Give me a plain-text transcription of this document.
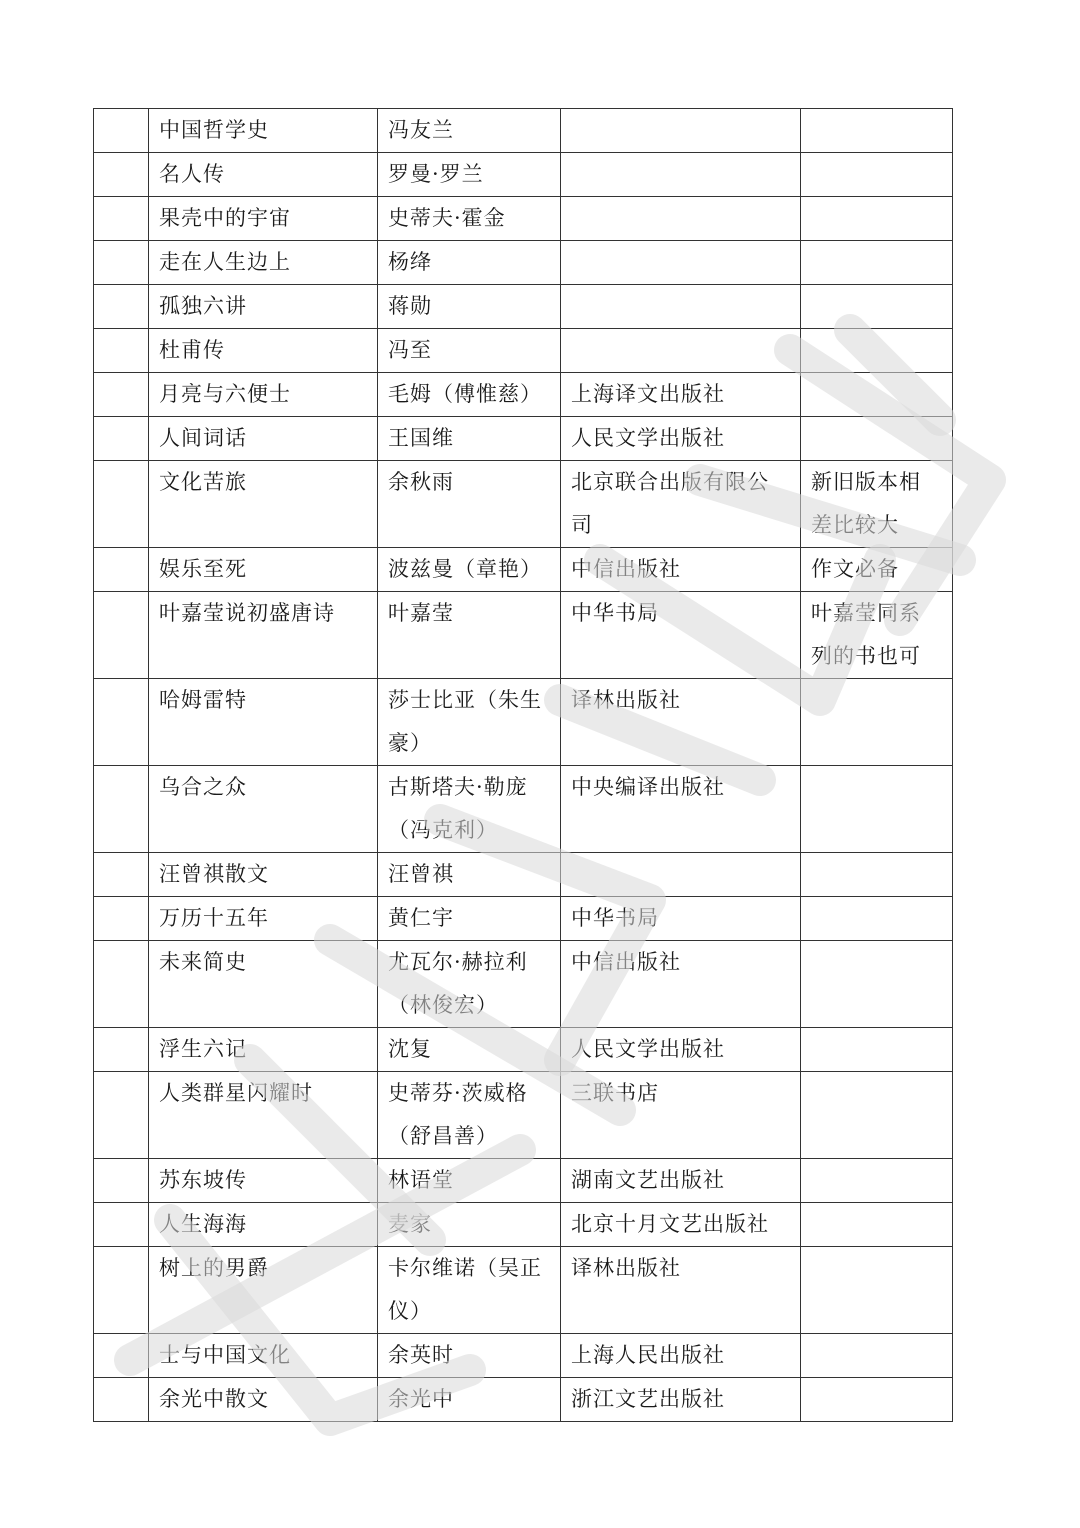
	中国哲学史	冯友兰		

	名人传	罗曼·罗兰		

	果壳中的宇宙	史蒂夫·霍金		

	走在人生边上	杨绛		

	孤独六讲	蒋勋		

	杜甫传	冯至		

	月亮与六便士	毛姆（傅惟慈）	上海译文出版社	

	人间词话	王国维	人民文学出版社	

	文化苦旅	余秋雨	北京联合出版有限公司	新旧版本相差比较大

	娱乐至死	波兹曼（章艳）	中信出版社	作文必备

	叶嘉莹说初盛唐诗	叶嘉莹	中华书局	叶嘉莹同系列的书也可

	哈姆雷特	莎士比亚（朱生豪）	译林出版社	

	乌合之众	古斯塔夫·勒庞（冯克利）	中央编译出版社	

	汪曾祺散文	汪曾祺		

	万历十五年	黄仁宇	中华书局	

	未来简史	尤瓦尔·赫拉利（林俊宏）	中信出版社	

	浮生六记	沈复	人民文学出版社	

	人类群星闪耀时	史蒂芬·茨威格（舒昌善）	三联书店	

	苏东坡传	林语堂	湖南文艺出版社	

	人生海海	麦家	北京十月文艺出版社	

	树上的男爵	卡尔维诺（吴正仪）	译林出版社	

	士与中国文化	余英时	上海人民出版社	

	余光中散文	余光中	浙江文艺出版社	
